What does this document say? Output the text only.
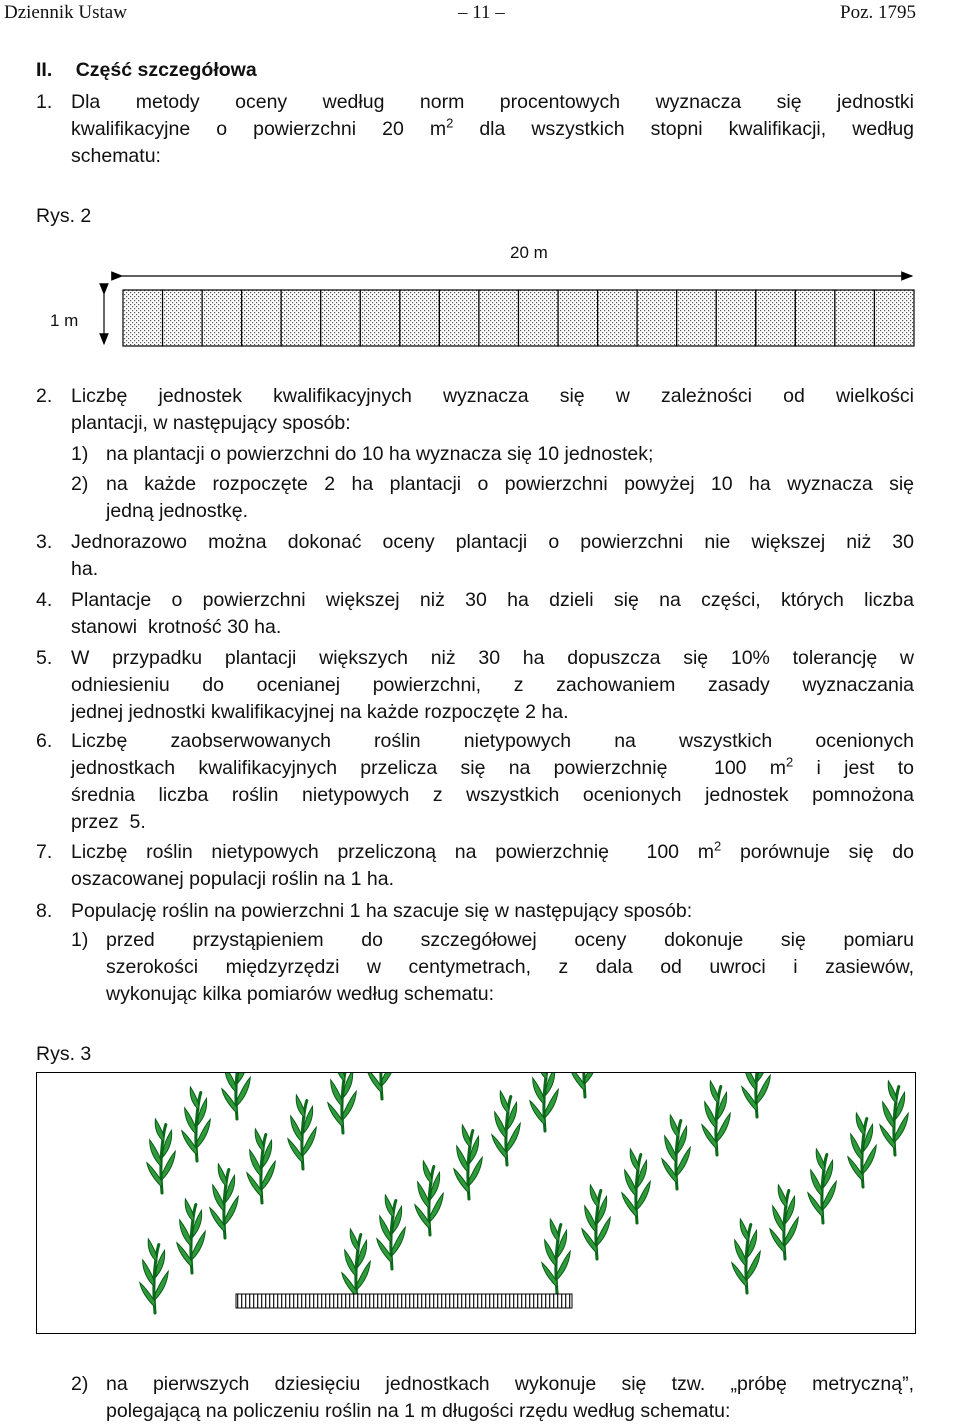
Dziennik Ustaw	– 11 –	Poz. 1795
II. Część szczegółowa
1. Dla metody oceny według norm procentowych wyznacza się jednostki
kwalifikacyjne o powierzchni 20 $m^2$ dla wszystkich stopni kwalifikacji, według
schematu:
Rys. 2
20 m
1 m
2. Liczbę jednostek kwalifikacyjnych wyznacza się w zależności od wielkości
plantacji, w następujący sposób:
1) na plantacji o powierzchni do 10 ha wyznacza się 10 jednostek;
2) na każde rozpoczęte 2 ha plantacji o powierzchni powyżej 10 ha wyznacza się
jedną jednostkę.
3. Jednorazowo można dokonać oceny plantacji o powierzchni nie większej niż 30
ha.
4. Plantacje o powierzchni większej niż 30 ha dzieli się na części, których liczba
stanowi  krotność 30 ha.
5. W przypadku plantacji większych niż 30 ha dopuszcza się 10% tolerancję w
odniesieniu do ocenianej powierzchni, z zachowaniem zasady wyznaczania
jednej jednostki kwalifikacyjnej na każde rozpoczęte 2 ha.
6. Liczbę zaobserwowanych roślin nietypowych na wszystkich ocenionych
jednostkach kwalifikacyjnych przelicza się na powierzchnię  100 $m^2$ i jest to
średnia liczba roślin nietypowych z wszystkich ocenionych jednostek pomnożona
przez  5.
7. Liczbę roślin nietypowych przeliczoną na powierzchnię  100 $m^2$ porównuje się do
oszacowanej populacji roślin na 1 ha.
8. Populację roślin na powierzchni 1 ha szacuje się w następujący sposób:
1) przed przystąpieniem do szczegółowej oceny dokonuje się pomiaru
szerokości międzyrzędzi w centymetrach, z dala od uwroci i zasiewów,
wykonując kilka pomiarów według schematu:
Rys. 3
2) na pierwszych dziesięciu jednostkach wykonuje się tzw. „próbę metryczną”,
polegającą na policzeniu roślin na 1 m długości rzędu według schematu:
